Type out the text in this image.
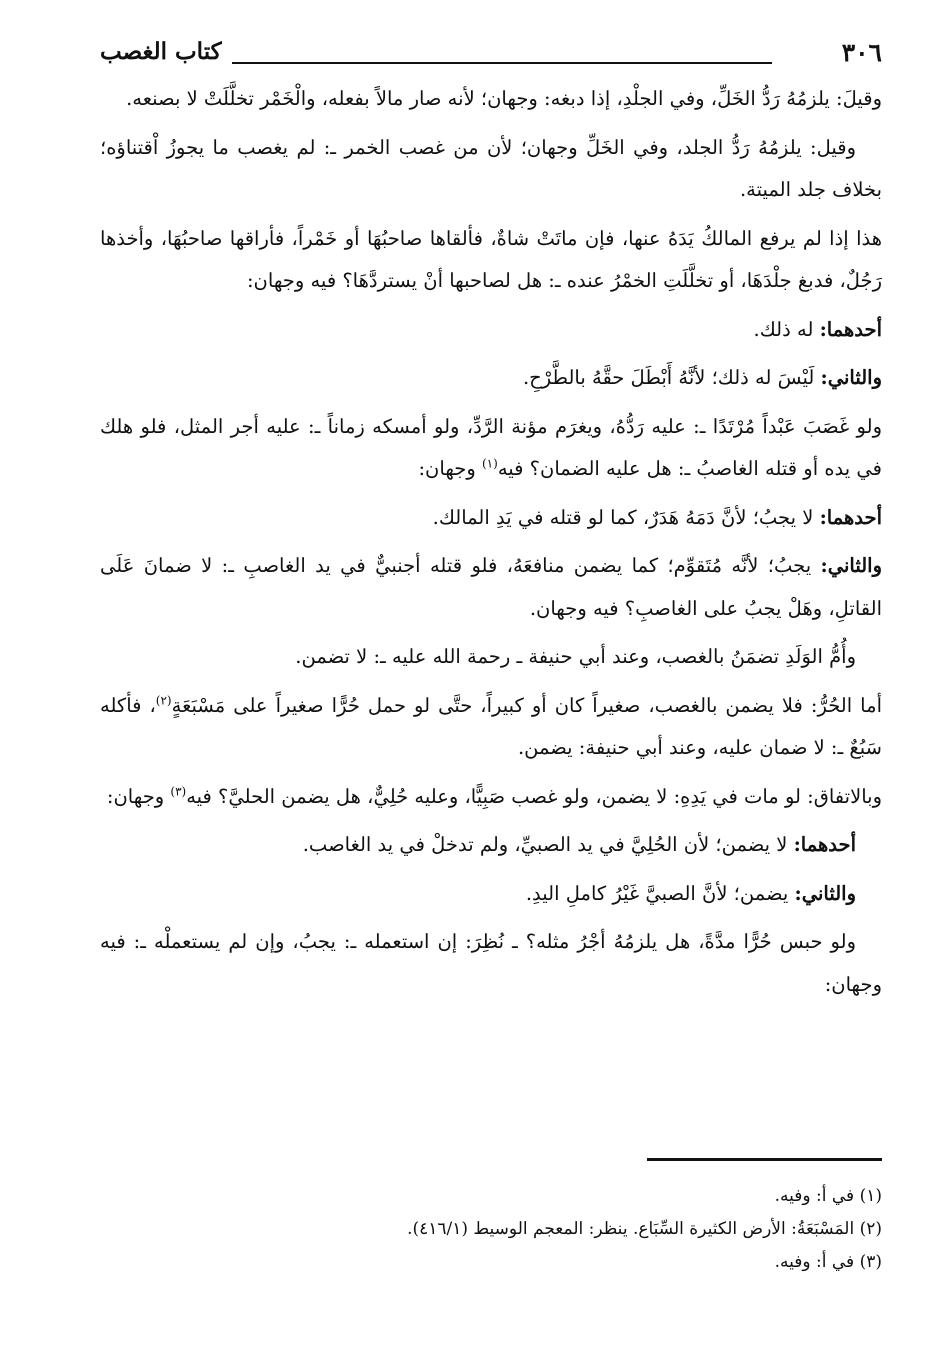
٣٠٦
كتاب الغصب

وقيلَ: يلزمُهُ رَدُّ الخَلِّ، وفي الجلْدِ، إذا دبغه: وجهان؛ لأنه صار مالاً بفعله، والْخَمْر تخلَّلَتْ لا بصنعه.

وقيل: يلزمُهُ رَدُّ الجلد، وفي الخَلِّ وجهان؛ لأن من غصب الخمر ـ: لم يغصب ما يجوزُ اْقتناؤه؛ بخلاف جلد الميتة.

هذا إذا لم يرفع المالكُ يَدَهُ عنها، فإن ماتَتْ شاةٌ، فألقاها صاحبُهَا أو خَمْراً، فأراقها صاحبُهَا، وأخذها رَجُلٌ، فدبغ جلْدَهَا، أو تخلَّلَتِ الخمْرُ عنده ـ: هل لصاحبها أنْ يستردَّهَا؟ فيه وجهان:

أحدهما: له ذلك.

والثاني: لَيْسَ له ذلك؛ لأنَّهُ أَبْطَلَ حقَّهُ بالطَّرْحِ.

ولو غَصَبَ عَبْداً مُرْتَدًا ـ: عليه رَدُّهُ، ويغرَم مؤنة الرَّدِّ، ولو أمسكه زماناً ـ: عليه أجر المثل، فلو هلك في يده أو قتله الغاصبُ ـ: هل عليه الضمان؟ فيه$^{(١)}$ وجهان:

أحدهما: لا يجبُ؛ لأنَّ دَمَهُ هَدَرٌ، كما لو قتله في يَدِ المالك.

والثاني: يجبُ؛ لأنَّه مُتَقوِّم؛ كما يضمن منافعَهُ، فلو قتله أجنبيٌّ في يد الغاصبِ ـ: لا ضمانَ عَلَى القاتلِ، وهَلْ يجبُ على الغاصبِ؟ فيه وجهان.

وأُمُّ الوَلَدِ تضمَنُ بالغصب، وعند أبي حنيفة ـ رحمة الله عليه ـ: لا تضمن.

أما الحُرُّ: فلا يضمن بالغصب، صغيراً كان أو كبيراً، حتَّى لو حمل حُرًّا صغيراً على مَسْبَعَةٍ$^{(٢)}$، فأكله سَبُعٌ ـ: لا ضمان عليه، وعند أبي حنيفة: يضمن.

وبالاتفاق: لو مات في يَدِهِ: لا يضمن، ولو غصب صَبِيًّا، وعليه حُلِيٌّ، هل يضمن الحليَّ؟ فيه$^{(٣)}$ وجهان:

أحدهما: لا يضمن؛ لأن الحُلِيَّ في يد الصبيِّ، ولم تدخلْ في يد الغاصب.

والثاني: يضمن؛ لأنَّ الصبيَّ غَيْرُ كاملِ اليدِ.

ولو حبس حُرًّا مدَّةً، هل يلزمُهُ أجْرُ مثله؟ ـ نُظِرَ: إن استعمله ـ: يجبُ، وإن لم يستعملْه ـ: فيه وجهان:

(١) في أ: وفيه.

(٢) المَسْبَعَةُ: الأرض الكثيرة السِّبَاع. ينظر: المعجم الوسيط (٤١٦/١).

(٣) في أ: وفيه.
